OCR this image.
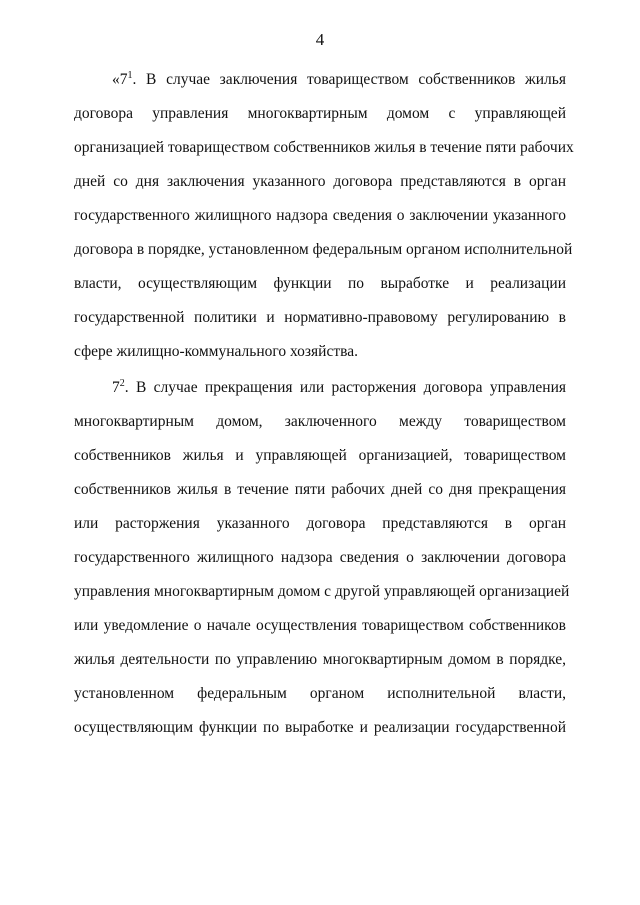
4
«$7^1$. В случае заключения товариществом собственников жилья
договора управления многоквартирным домом с управляющей
организацией товариществом собственников жилья в течение пяти рабочих
дней со дня заключения указанного договора представляются в орган
государственного жилищного надзора сведения о заключении указанного
договора в порядке, установленном федеральным органом исполнительной
власти, осуществляющим функции по выработке и реализации
государственной политики и нормативно-правовому регулированию в
сфере жилищно-коммунального хозяйства.
$7^2$. В случае прекращения или расторжения договора управления
многоквартирным домом, заключенного между товариществом
собственников жилья и управляющей организацией, товариществом
собственников жилья в течение пяти рабочих дней со дня прекращения
или расторжения указанного договора представляются в орган
государственного жилищного надзора сведения о заключении договора
управления многоквартирным домом с другой управляющей организацией
или уведомление о начале осуществления товариществом собственников
жилья деятельности по управлению многоквартирным домом в порядке,
установленном федеральным органом исполнительной власти,
осуществляющим функции по выработке и реализации государственной
